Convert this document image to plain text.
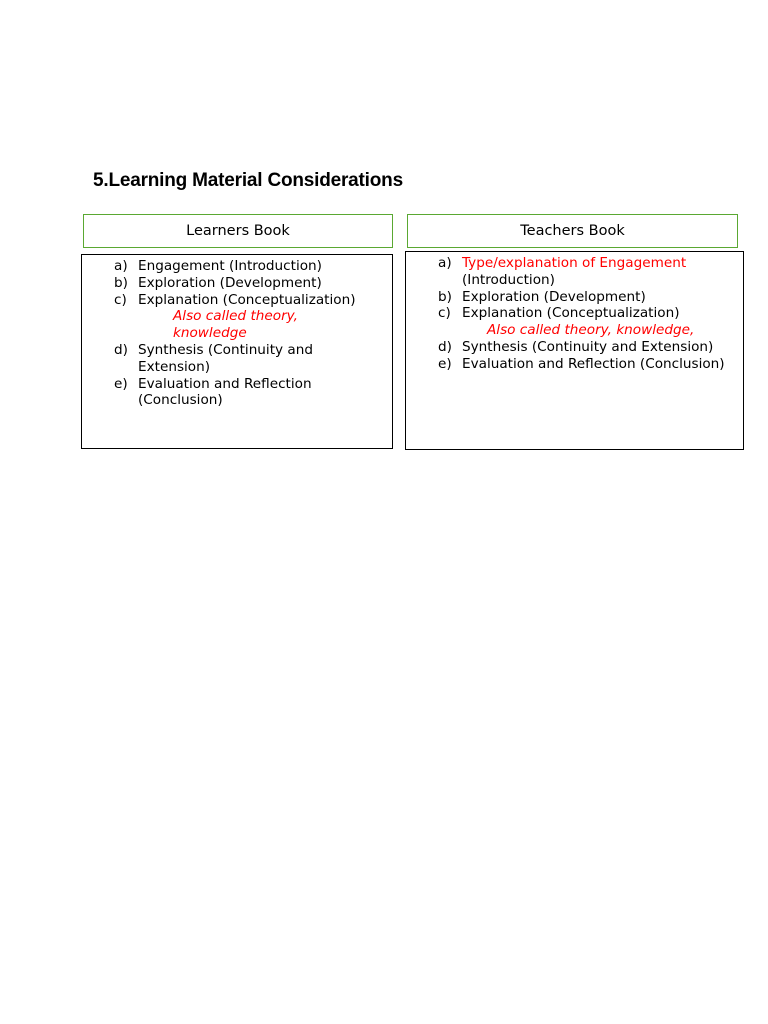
5.Learning Material Considerations
Learners Book	Teachers Book
a) Engagement (Introduction)
b) Exploration (Development)
c) Explanation (Conceptualization)
Also called theory, knowledge
d) Synthesis (Continuity and Extension)
e) Evaluation and Reflection (Conclusion)
a) Type/explanation of Engagement
(Introduction)
b) Exploration (Development)
c) Explanation (Conceptualization)
Also called theory, knowledge,
d) Synthesis (Continuity and Extension)
e) Evaluation and Reflection (Conclusion)
